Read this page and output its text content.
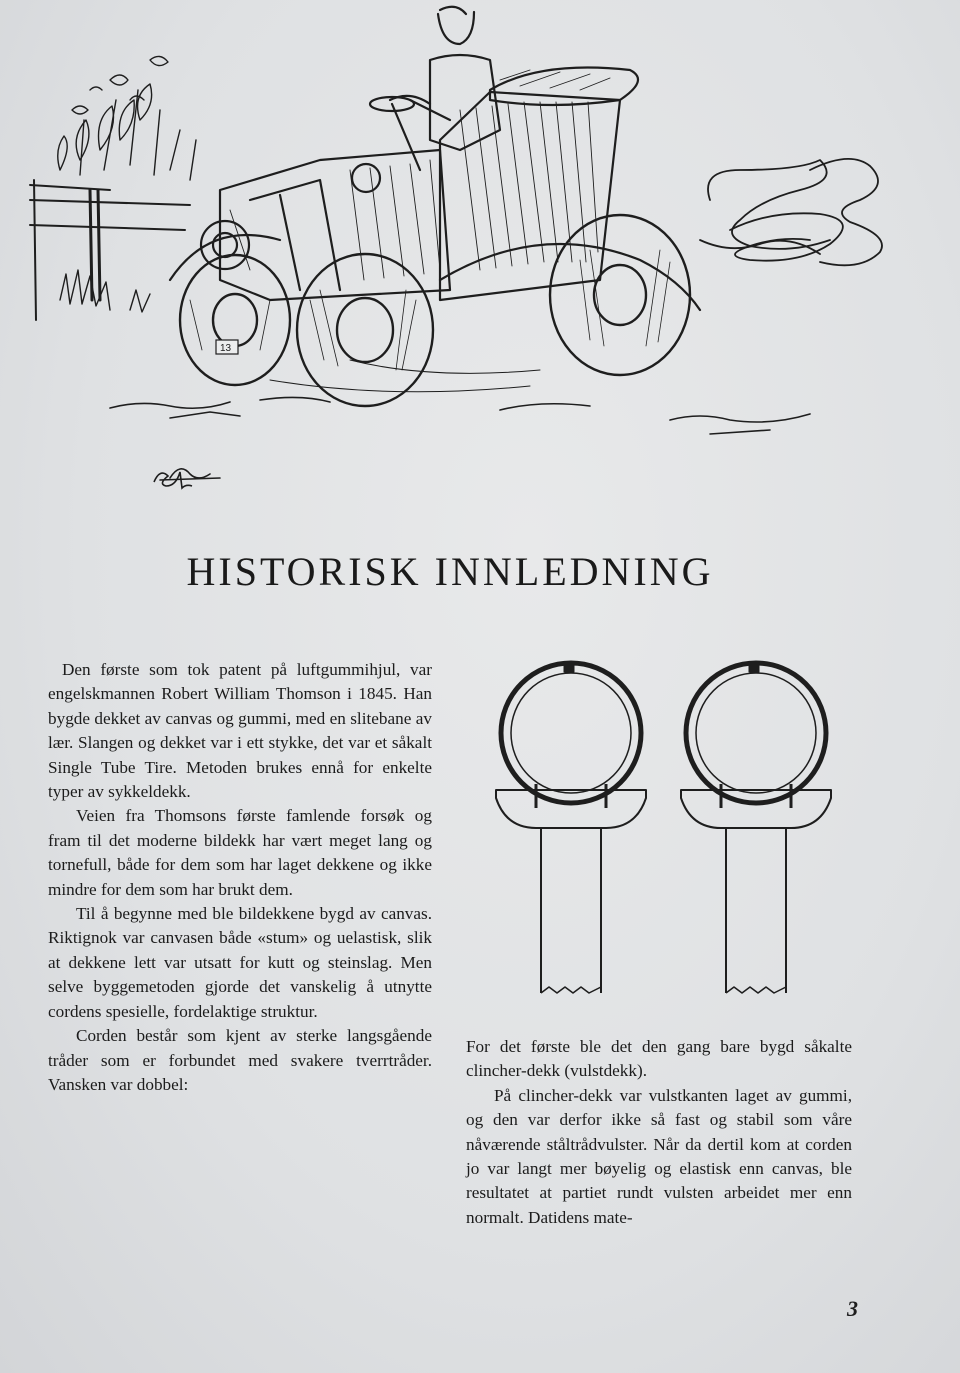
13
HISTORISK INNLEDNING

Den første som tok patent på luftgummihjul, var engelskmannen Robert William Thomson i 1845. Han bygde dekket av canvas og gummi, med en slitebane av lær. Slangen og dekket var i ett stykke, det var et såkalt Single Tube Tire. Metoden brukes ennå for enkelte typer av sykkeldekk.

Veien fra Thomsons første famlende forsøk og fram til det moderne bildekk har vært meget lang og tornefull, både for dem som har laget dekkene og ikke mindre for dem som har brukt dem.

Til å begynne med ble bildekkene bygd av canvas. Riktignok var canvasen både «stum» og uelastisk, slik at dekkene lett var utsatt for kutt og steinslag. Men selve byggemetoden gjorde det vanskelig å utnytte cordens spesielle, fordelaktige struktur.

Corden består som kjent av sterke langsgående tråder som er forbundet med svakere tverrtråder. Vansken var dobbel:

For det første ble det den gang bare bygd såkalte clincher-dekk (vulstdekk).

På clincher-dekk var vulstkanten laget av gummi, og den var derfor ikke så fast og stabil som våre nåværende ståltrådvulster. Når da dertil kom at corden jo var langt mer bøyelig og elastisk enn canvas, ble resultatet at partiet rundt vulsten arbeidet mer enn normalt. Datidens mate-

3
